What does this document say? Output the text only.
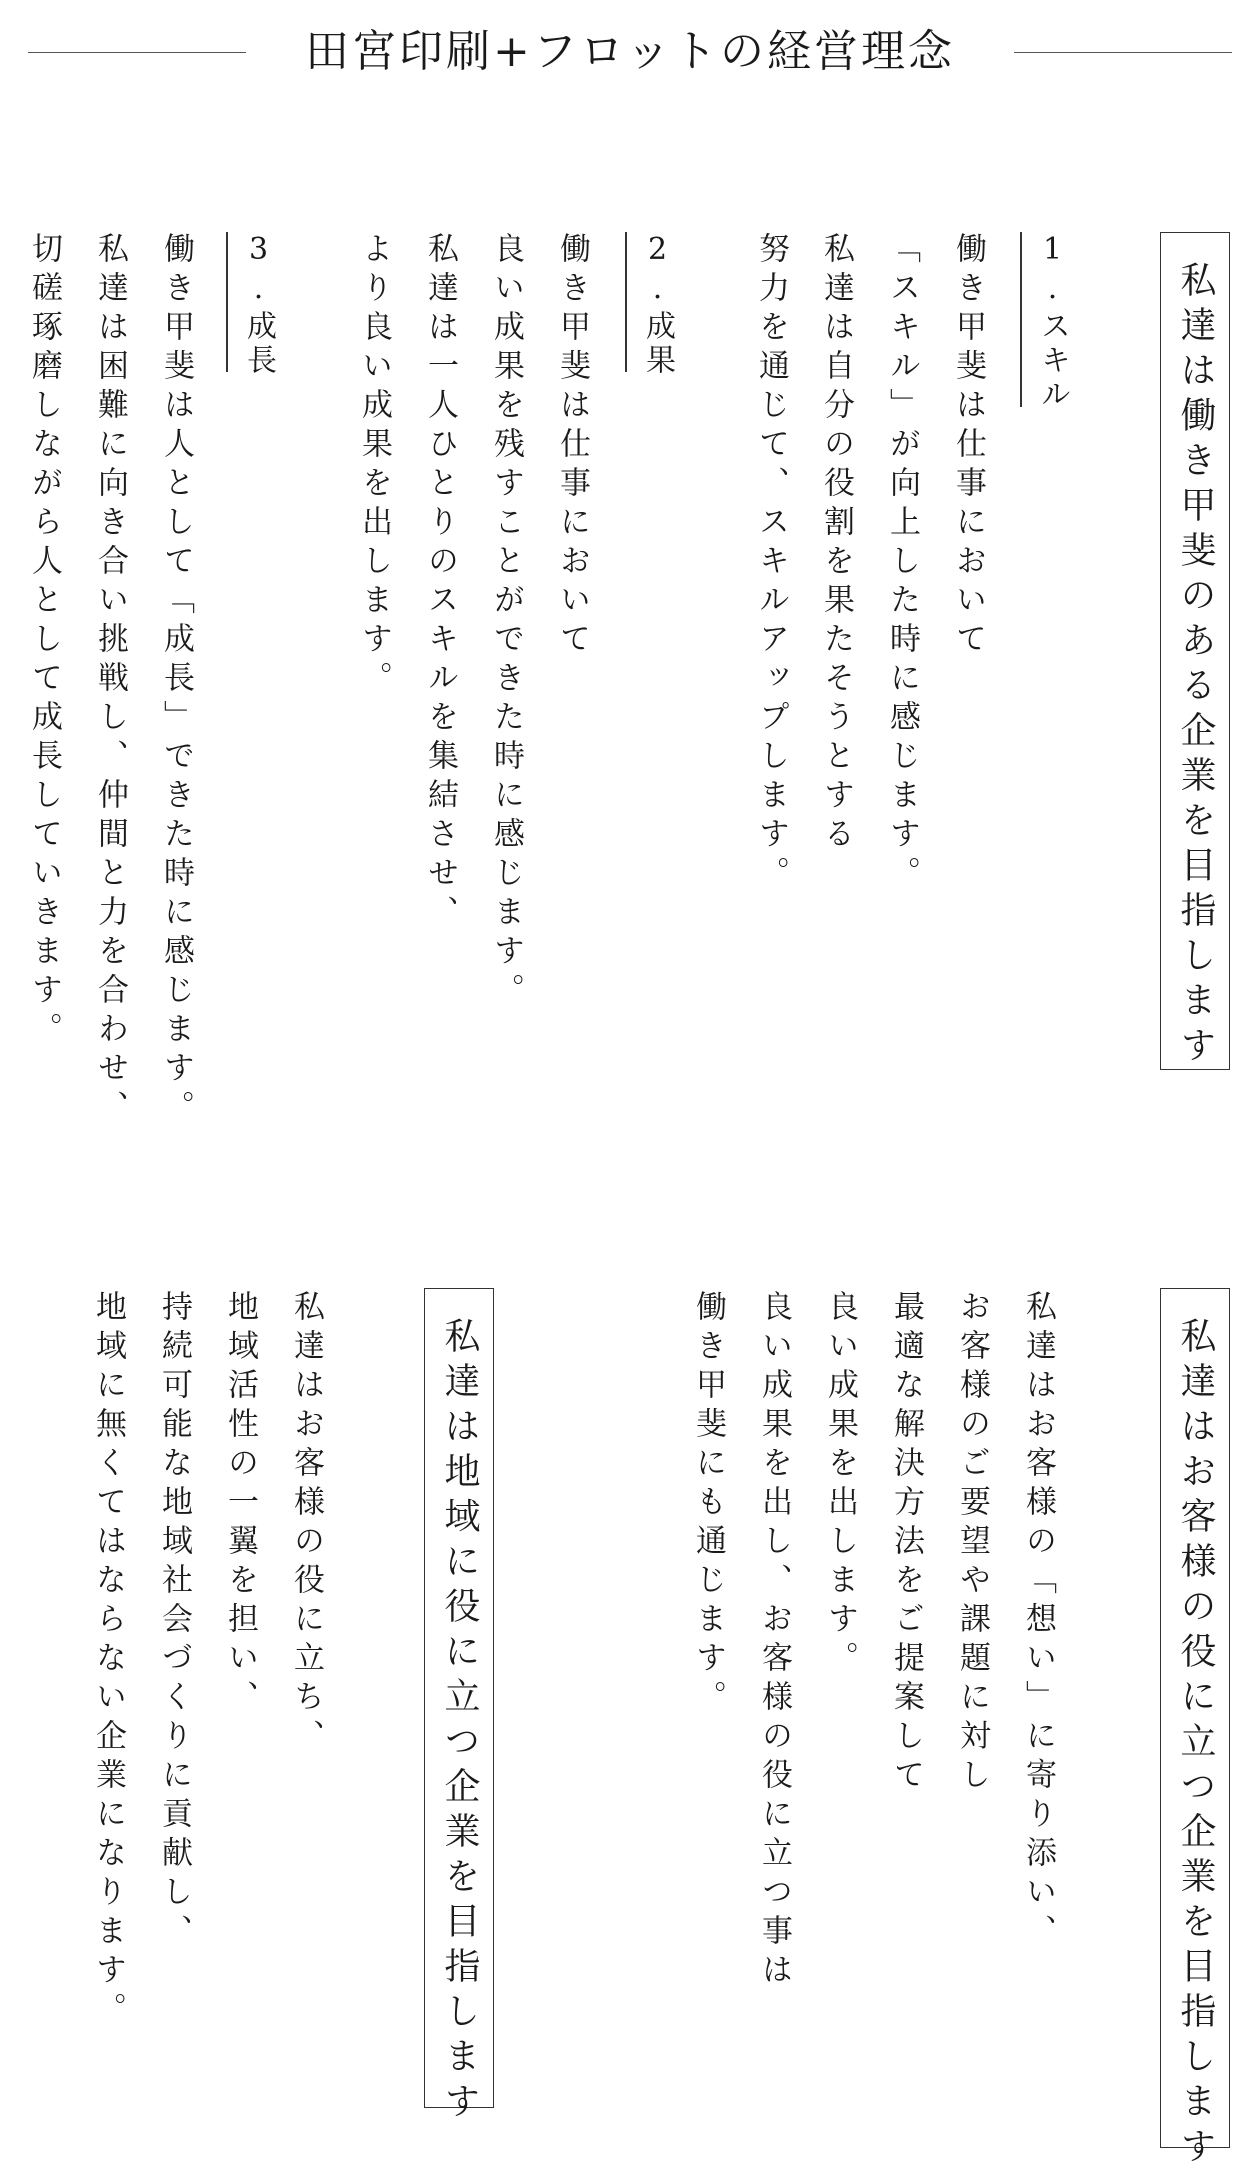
田宮印刷+フロットの経営理念
私達は働き甲斐のある企業を目指します
1.スキル
働き甲斐は仕事において
「スキル」が向上した時に感じます。
私達は自分の役割を果たそうとする
努力を通じて、スキルアップします。
2.成果
働き甲斐は仕事において
良い成果を残すことができた時に感じます。
私達は一人ひとりのスキルを集結させ、
より良い成果を出します。
3.成長
働き甲斐は人として「成長」できた時に感じます。
私達は困難に向き合い挑戦し、仲間と力を合わせ、
切磋琢磨しながら人として成長していきます。
私達はお客様の役に立つ企業を目指します
私達はお客様の「想い」に寄り添い、
お客様のご要望や課題に対し
最適な解決方法をご提案して
良い成果を出します。
良い成果を出し、お客様の役に立つ事は
働き甲斐にも通じます。
私達は地域に役に立つ企業を目指します
私達はお客様の役に立ち、
地域活性の一翼を担い、
持続可能な地域社会づくりに貢献し、
地域に無くてはならない企業になります。
